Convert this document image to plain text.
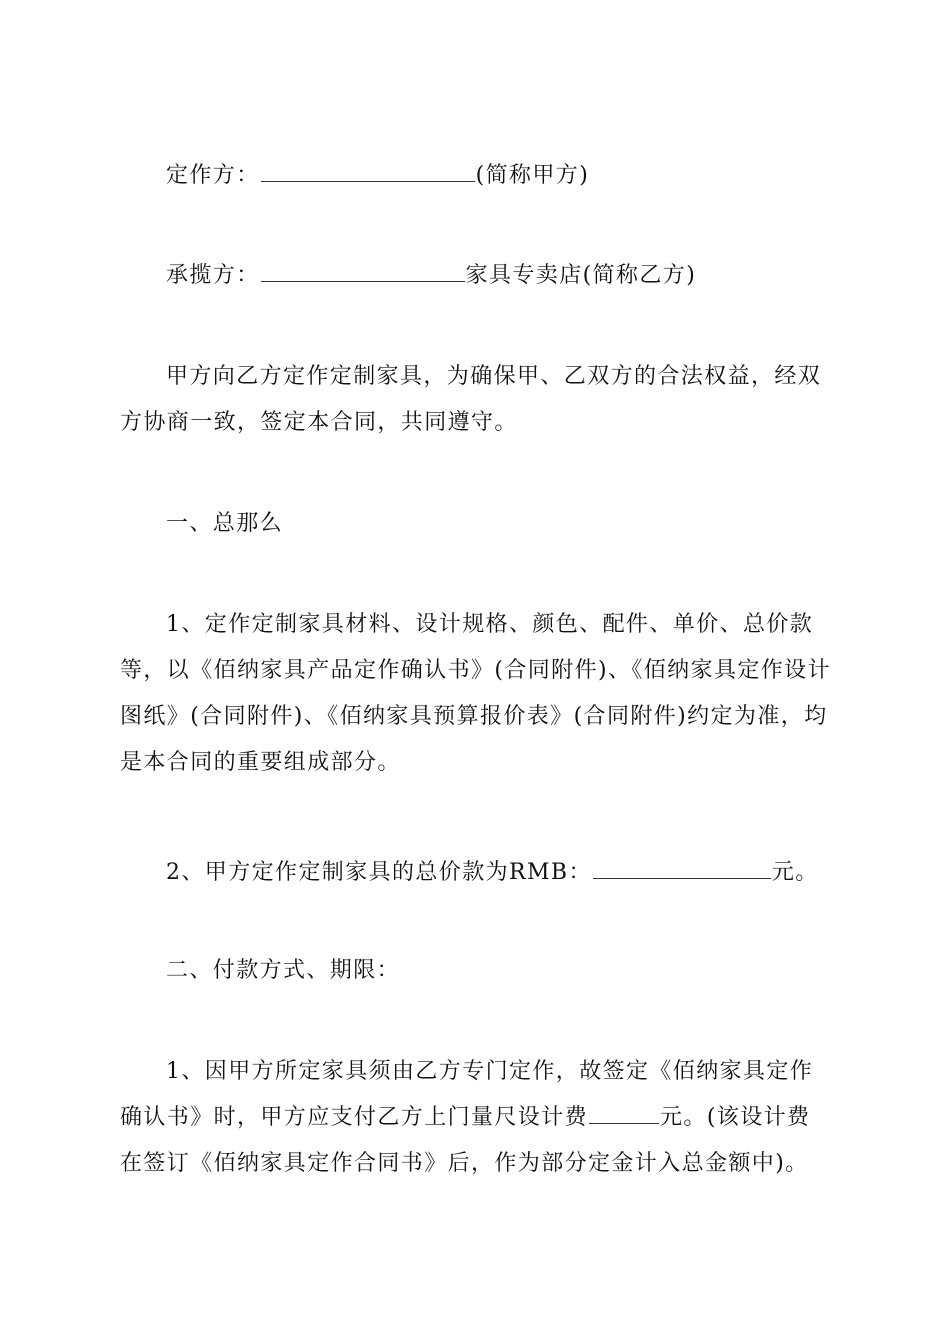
定作方：	(简称甲方)

承揽方：	家具专卖店(简称乙方)

甲方向乙方定作定制家具，为确保甲、乙双方的合法权益，经双方协商一致，签定本合同，共同遵守。

一、总那么

1、定作定制家具材料、设计规格、颜色、配件、单价、总价款等，以《佰纳家具产品定作确认书》(合同附件)、《佰纳家具定作设计图纸》(合同附件)、《佰纳家具预算报价表》(合同附件)约定为准，均是本合同的重要组成部分。

2、甲方定作定制家具的总价款为RMB：	元。

二、付款方式、期限：

1、因甲方所定家具须由乙方专门定作，故签定《佰纳家具定作确认书》时，甲方应支付乙方上门量尺设计费	元。(该设计费在签订《佰纳家具定作合同书》后，作为部分定金计入总金额中)。
